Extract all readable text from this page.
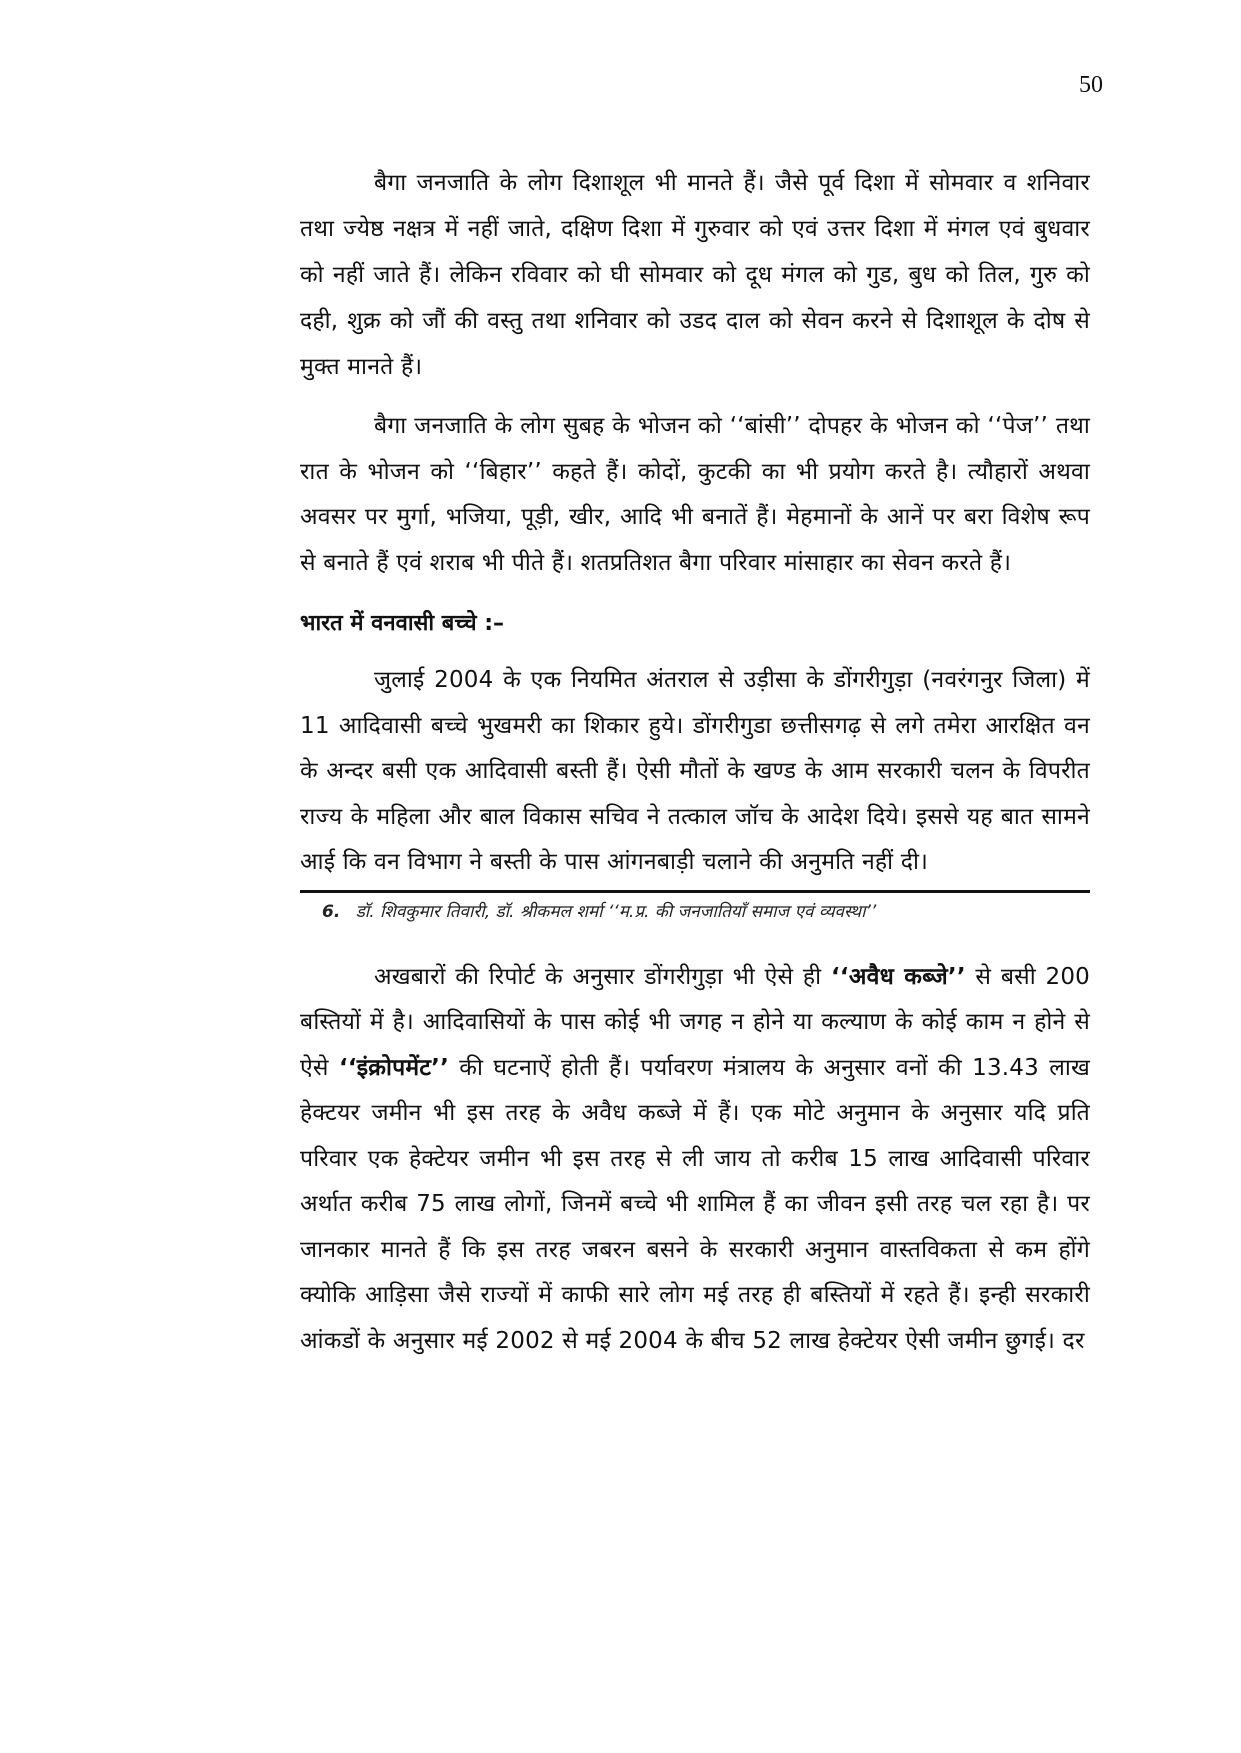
50

बैगा जनजाति के लोग दिशाशूल भी मानते हैं। जैसे पूर्व दिशा में सोमवार व शनिवार तथा ज्येष्ठ नक्षत्र में नहीं जाते, दक्षिण दिशा में गुरुवार को एवं उत्तर दिशा में मंगल एवं बुधवार को नहीं जाते हैं। लेकिन रविवार को घी सोमवार को दूध मंगल को गुड, बुध को तिल, गुरु को दही, शुक्र को जौं की वस्तु तथा शनिवार को उडद दाल को सेवन करने से दिशाशूल के दोष से मुक्त मानते हैं।

बैगा जनजाति के लोग सुबह के भोजन को ‘‘बांसी’’ दोपहर के भोजन को ‘‘पेज’’ तथा रात के भोजन को ‘‘बिहार’’ कहते हैं। कोदों, कुटकी का भी प्रयोग करते है। त्यौहारों अथवा अवसर पर मुर्गा, भजिया, पूड़ी, खीर, आदि भी बनातें हैं। मेहमानों के आनें पर बरा विशेष रूप से बनाते हैं एवं शराब भी पीते हैं। शतप्रतिशत बैगा परिवार मांसाहार का सेवन करते हैं।

भारत में वनवासी बच्चे :–

जुलाई 2004 के एक नियमित अंतराल से उड़ीसा के डोंगरीगुड़ा (नवरंगनुर जिला) में 11 आदिवासी बच्चे भुखमरी का शिकार हुये। डोंगरीगुडा छत्तीसगढ़ से लगे तमेरा आरक्षित वन के अन्दर बसी एक आदिवासी बस्ती हैं। ऐसी मौतों के खण्ड के आम सरकारी चलन के विपरीत राज्य के महिला और बाल विकास सचिव ने तत्काल जॉच के आदेश दिये। इससे यह बात सामने आई कि वन विभाग ने बस्ती के पास आंगनबाड़ी चलाने की अनुमति नहीं दी।

6. डॉ. शिवकुमार तिवारी, डॉ. श्रीकमल शर्मा ‘‘म.प्र. की जनजातियाँ समाज एवं व्यवस्था’’

अखबारों की रिपोर्ट के अनुसार डोंगरीगुड़ा भी ऐसे ही ‘‘अवैध कब्जे’’ से बसी 200 बस्तियों में है। आदिवासियों के पास कोई भी जगह न होने या कल्याण के कोई काम न होने से ऐसे ‘‘इंक्रोपमेंट’’ की घटनाऐं होती हैं। पर्यावरण मंत्रालय के अनुसार वनों की 13.43 लाख हेक्टयर जमीन भी इस तरह के अवैध कब्जे में हैं। एक मोटे अनुमान के अनुसार यदि प्रति परिवार एक हेक्टेयर जमीन भी इस तरह से ली जाय तो करीब 15 लाख आदिवासी परिवार अर्थात करीब 75 लाख लोगों, जिनमें बच्चे भी शामिल हैं का जीवन इसी तरह चल रहा है। पर जानकार मानते हैं कि इस तरह जबरन बसने के सरकारी अनुमान वास्तविकता से कम होंगे क्योकि आड़िसा जैसे राज्यों में काफी सारे लोग मई तरह ही बस्तियों में रहते हैं। इन्ही सरकारी आंकडों के अनुसार मई 2002 से मई 2004 के बीच 52 लाख हेक्टेयर ऐसी जमीन छुगई। दर
